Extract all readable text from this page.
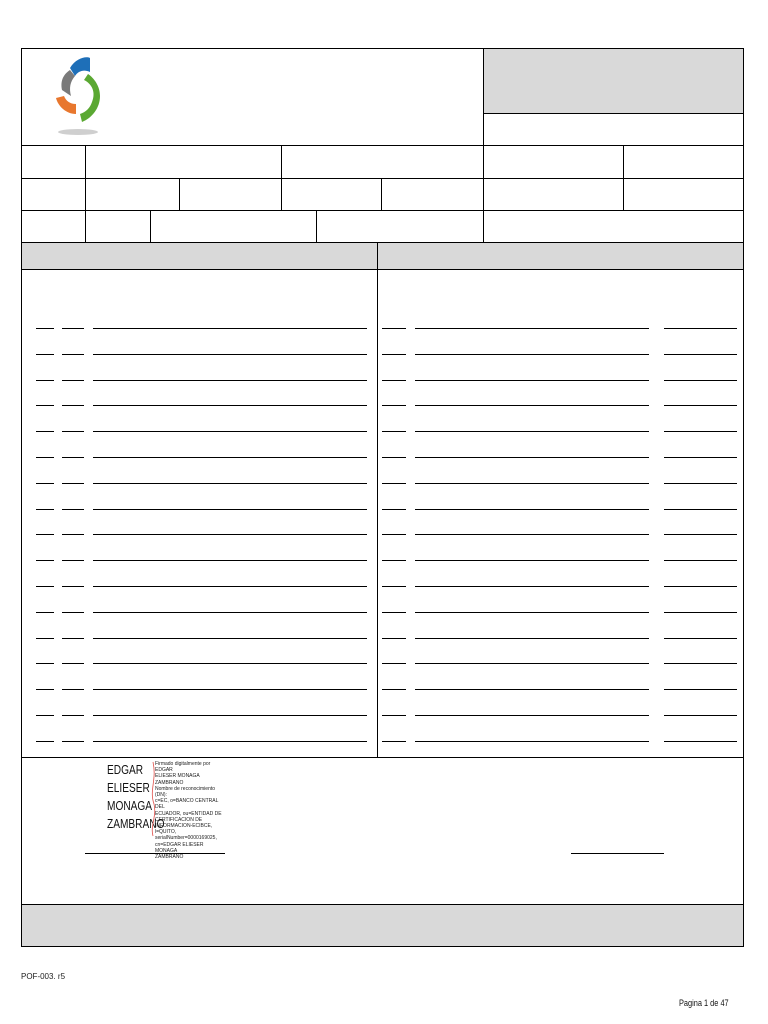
EDGAR
ELIESER
MONAGA
ZAMBRANO
Firmado digitalmente por EDGAR
ELIESER MONAGA ZAMBRANO
Nombre de reconocimiento (DN):
c=EC, o=BANCO CENTRAL DEL
ECUADOR, ou=ENTIDAD DE
CERTIFICACION DE
INFORMACION-ECIBCE, l=QUITO,
serialNumber=0000169025,
cn=EDGAR ELIESER MONAGA
ZAMBRANO
POF-003. r5
Pagina 1 de 47
